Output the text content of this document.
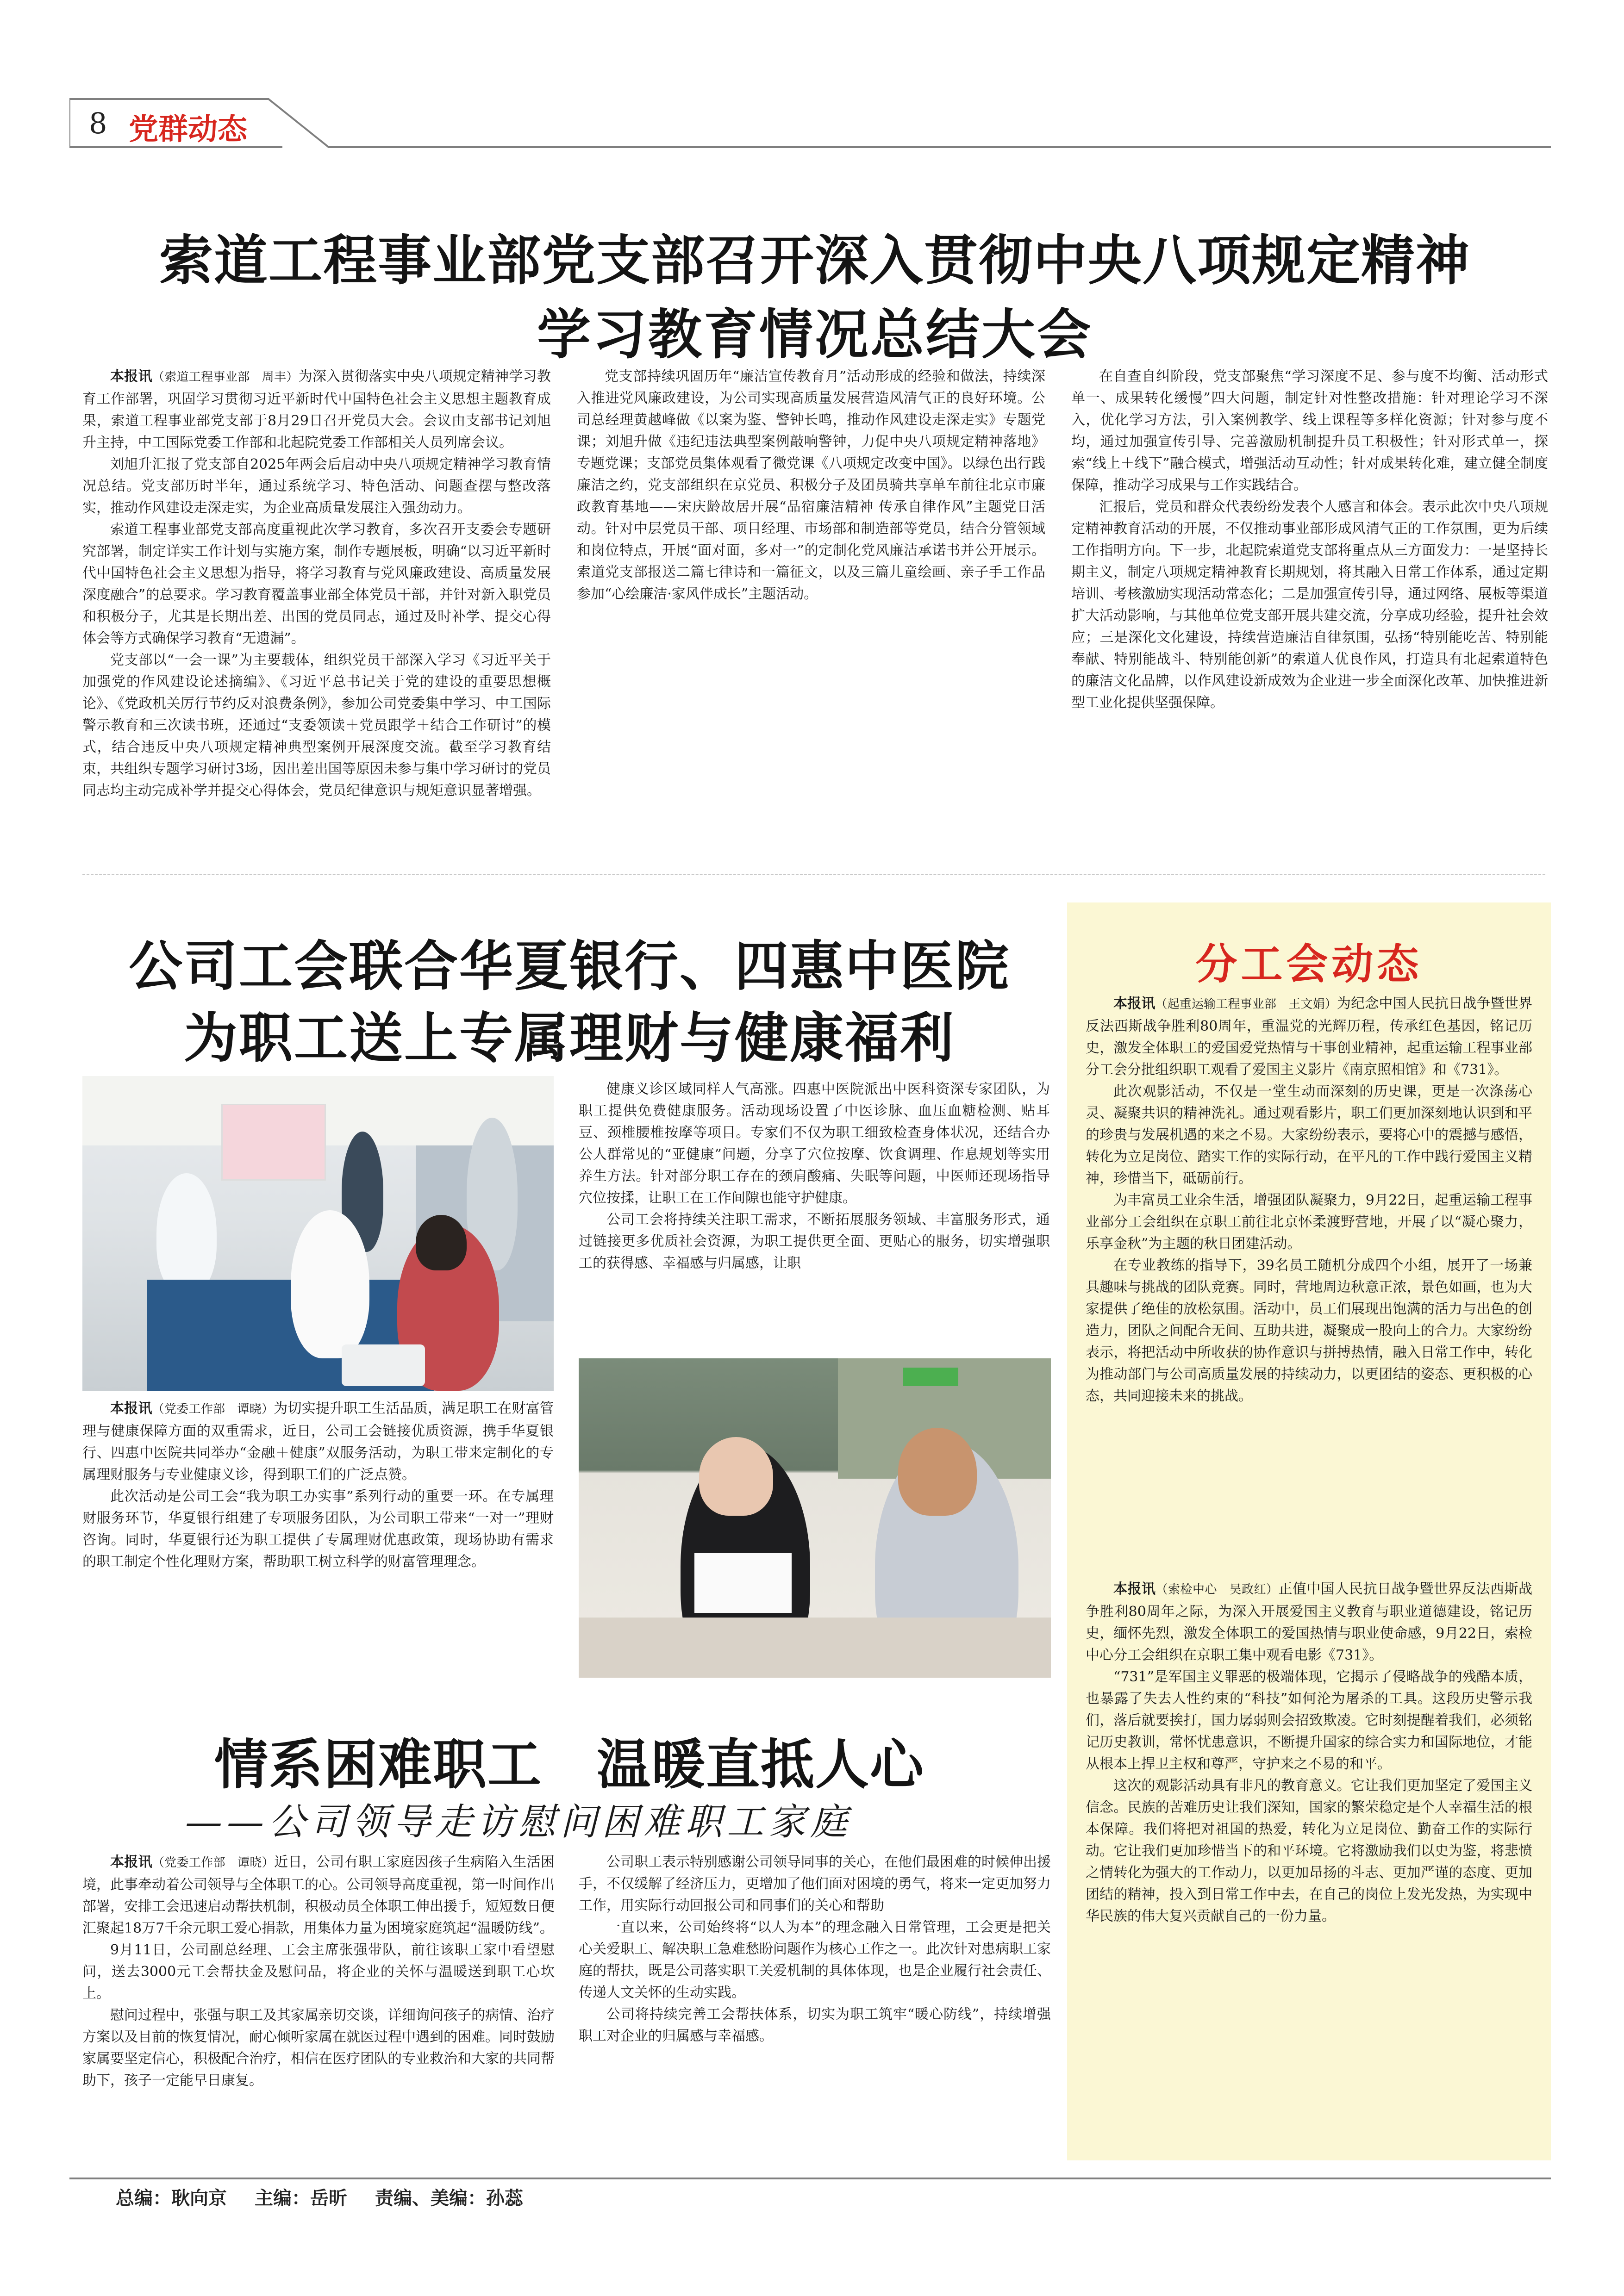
8 党群动态
索道工程事业部党支部召开深入贯彻中央八项规定精神
学习教育情况总结大会

本报讯（索道工程事业部　周丰）为深入贯彻落实中央八项规定精神学习教育工作部署，巩固学习贯彻习近平新时代中国特色社会主义思想主题教育成果，索道工程事业部党支部于8月29日召开党员大会。会议由支部书记刘旭升主持，中工国际党委工作部和北起院党委工作部相关人员列席会议。

刘旭升汇报了党支部自2025年两会后启动中央八项规定精神学习教育情况总结。党支部历时半年，通过系统学习、特色活动、问题查摆与整改落实，推动作风建设走深走实，为企业高质量发展注入强劲动力。

索道工程事业部党支部高度重视此次学习教育，多次召开支委会专题研究部署，制定详实工作计划与实施方案，制作专题展板，明确“以习近平新时代中国特色社会主义思想为指导，将学习教育与党风廉政建设、高质量发展深度融合”的总要求。学习教育覆盖事业部全体党员干部，并针对新入职党员和积极分子，尤其是长期出差、出国的党员同志，通过及时补学、提交心得体会等方式确保学习教育“无遗漏”。

党支部以“一会一课”为主要载体，组织党员干部深入学习《习近平关于加强党的作风建设论述摘编》、《习近平总书记关于党的建设的重要思想概论》、《党政机关厉行节约反对浪费条例》，参加公司党委集中学习、中工国际警示教育和三次读书班，还通过“支委领读＋党员跟学＋结合工作研讨”的模式，结合违反中央八项规定精神典型案例开展深度交流。截至学习教育结束，共组织专题学习研讨3场，因出差出国等原因未参与集中学习研讨的党员同志均主动完成补学并提交心得体会，党员纪律意识与规矩意识显著增强。

党支部持续巩固历年“廉洁宣传教育月”活动形成的经验和做法，持续深入推进党风廉政建设，为公司实现高质量发展营造风清气正的良好环境。公司总经理黄越峰做《以案为鉴、警钟长鸣，推动作风建设走深走实》专题党课；刘旭升做《违纪违法典型案例敲响警钟，力促中央八项规定精神落地》专题党课；支部党员集体观看了微党课《八项规定改变中国》。以绿色出行践廉洁之约，党支部组织在京党员、积极分子及团员骑共享单车前往北京市廉政教育基地——宋庆龄故居开展“品宿廉洁精神 传承自律作风”主题党日活动。针对中层党员干部、项目经理、市场部和制造部等党员，结合分管领域和岗位特点，开展“面对面，多对一”的定制化党风廉洁承诺书并公开展示。索道党支部报送二篇七律诗和一篇征文，以及三篇儿童绘画、亲子手工作品参加“心绘廉洁·家风伴成长”主题活动。

在自查自纠阶段，党支部聚焦“学习深度不足、参与度不均衡、活动形式单一、成果转化缓慢”四大问题，制定针对性整改措施：针对理论学习不深入，优化学习方法，引入案例教学、线上课程等多样化资源；针对参与度不均，通过加强宣传引导、完善激励机制提升员工积极性；针对形式单一，探索“线上＋线下”融合模式，增强活动互动性；针对成果转化难，建立健全制度保障，推动学习成果与工作实践结合。

汇报后，党员和群众代表纷纷发表个人感言和体会。表示此次中央八项规定精神教育活动的开展，不仅推动事业部形成风清气正的工作氛围，更为后续工作指明方向。下一步，北起院索道党支部将重点从三方面发力：一是坚持长期主义，制定八项规定精神教育长期规划，将其融入日常工作体系，通过定期培训、考核激励实现活动常态化；二是加强宣传引导，通过网络、展板等渠道扩大活动影响，与其他单位党支部开展共建交流，分享成功经验，提升社会效应；三是深化文化建设，持续营造廉洁自律氛围，弘扬“特别能吃苦、特别能奉献、特别能战斗、特别能创新”的索道人优良作风，打造具有北起索道特色的廉洁文化品牌，以作风建设新成效为企业进一步全面深化改革、加快推进新型工业化提供坚强保障。

公司工会联合华夏银行、四惠中医院
为职工送上专属理财与健康福利

本报讯（党委工作部　谭晓）为切实提升职工生活品质，满足职工在财富管理与健康保障方面的双重需求，近日，公司工会链接优质资源，携手华夏银行、四惠中医院共同举办“金融＋健康”双服务活动，为职工带来定制化的专属理财服务与专业健康义诊，得到职工们的广泛点赞。

此次活动是公司工会“我为职工办实事”系列行动的重要一环。在专属理财服务环节，华夏银行组建了专项服务团队，为公司职工带来“一对一”理财咨询。同时，华夏银行还为职工提供了专属理财优惠政策，现场协助有需求的职工制定个性化理财方案，帮助职工树立科学的财富管理理念。

健康义诊区域同样人气高涨。四惠中医院派出中医科资深专家团队，为职工提供免费健康服务。活动现场设置了中医诊脉、血压血糖检测、贴耳豆、颈椎腰椎按摩等项目。专家们不仅为职工细致检查身体状况，还结合办公人群常见的“亚健康”问题，分享了穴位按摩、饮食调理、作息规划等实用养生方法。针对部分职工存在的颈肩酸痛、失眠等问题，中医师还现场指导穴位按揉，让职工在工作间隙也能守护健康。

公司工会将持续关注职工需求，不断拓展服务领域、丰富服务形式，通过链接更多优质社会资源，为职工提供更全面、更贴心的服务，切实增强职工的获得感、幸福感与归属感，让职

情系困难职工　温暖直抵人心
——公司领导走访慰问困难职工家庭

本报讯（党委工作部　谭晓）近日，公司有职工家庭因孩子生病陷入生活困境，此事牵动着公司领导与全体职工的心。公司领导高度重视，第一时间作出部署，安排工会迅速启动帮扶机制，积极动员全体职工伸出援手，短短数日便汇聚起18万7千余元职工爱心捐款，用集体力量为困境家庭筑起“温暖防线”。

9月11日，公司副总经理、工会主席张强带队，前往该职工家中看望慰问，送去3000元工会帮扶金及慰问品，将企业的关怀与温暖送到职工心坎上。

慰问过程中，张强与职工及其家属亲切交谈，详细询问孩子的病情、治疗方案以及目前的恢复情况，耐心倾听家属在就医过程中遇到的困难。同时鼓励家属要坚定信心，积极配合治疗，相信在医疗团队的专业救治和大家的共同帮助下，孩子一定能早日康复。

公司职工表示特别感谢公司领导同事的关心，在他们最困难的时候伸出援手，不仅缓解了经济压力，更增加了他们面对困境的勇气，将来一定更加努力工作，用实际行动回报公司和同事们的关心和帮助

一直以来，公司始终将“以人为本”的理念融入日常管理，工会更是把关心关爱职工、解决职工急难愁盼问题作为核心工作之一。此次针对患病职工家庭的帮扶，既是公司落实职工关爱机制的具体体现，也是企业履行社会责任、传递人文关怀的生动实践。

公司将持续完善工会帮扶体系，切实为职工筑牢“暖心防线”，持续增强职工对企业的归属感与幸福感。

分工会动态

本报讯（起重运输工程事业部　王文娟）为纪念中国人民抗日战争暨世界反法西斯战争胜利80周年，重温党的光辉历程，传承红色基因，铭记历史，激发全体职工的爱国爱党热情与干事创业精神，起重运输工程事业部分工会分批组织职工观看了爱国主义影片《南京照相馆》和《731》。

此次观影活动，不仅是一堂生动而深刻的历史课，更是一次涤荡心灵、凝聚共识的精神洗礼。通过观看影片，职工们更加深刻地认识到和平的珍贵与发展机遇的来之不易。大家纷纷表示，要将心中的震撼与感悟，转化为立足岗位、踏实工作的实际行动，在平凡的工作中践行爱国主义精神，珍惜当下，砥砺前行。

为丰富员工业余生活，增强团队凝聚力，9月22日，起重运输工程事业部分工会组织在京职工前往北京怀柔渡野营地，开展了以“凝心聚力，乐享金秋”为主题的秋日团建活动。

在专业教练的指导下，39名员工随机分成四个小组，展开了一场兼具趣味与挑战的团队竞赛。同时，营地周边秋意正浓，景色如画，也为大家提供了绝佳的放松氛围。活动中，员工们展现出饱满的活力与出色的创造力，团队之间配合无间、互助共进，凝聚成一股向上的合力。大家纷纷表示，将把活动中所收获的协作意识与拼搏热情，融入日常工作中，转化为推动部门与公司高质量发展的持续动力，以更团结的姿态、更积极的心态，共同迎接未来的挑战。

本报讯（索检中心　吴政红）正值中国人民抗日战争暨世界反法西斯战争胜利80周年之际，为深入开展爱国主义教育与职业道德建设，铭记历史，缅怀先烈，激发全体职工的爱国热情与职业使命感，9月22日，索检中心分工会组织在京职工集中观看电影《731》。

“731”是军国主义罪恶的极端体现，它揭示了侵略战争的残酷本质，也暴露了失去人性约束的“科技”如何沦为屠杀的工具。这段历史警示我们，落后就要挨打，国力孱弱则会招致欺凌。它时刻提醒着我们，必须铭记历史教训，常怀忧患意识，不断提升国家的综合实力和国际地位，才能从根本上捍卫主权和尊严，守护来之不易的和平。

这次的观影活动具有非凡的教育意义。它让我们更加坚定了爱国主义信念。民族的苦难历史让我们深知，国家的繁荣稳定是个人幸福生活的根本保障。我们将把对祖国的热爱，转化为立足岗位、勤奋工作的实际行动。它让我们更加珍惜当下的和平环境。它将激励我们以史为鉴，将悲愤之情转化为强大的工作动力，以更加昂扬的斗志、更加严谨的态度、更加团结的精神，投入到日常工作中去，在自己的岗位上发光发热，为实现中华民族的伟大复兴贡献自己的一份力量。

总编：耿向京 主编：岳昕 责编、美编：孙蕊
